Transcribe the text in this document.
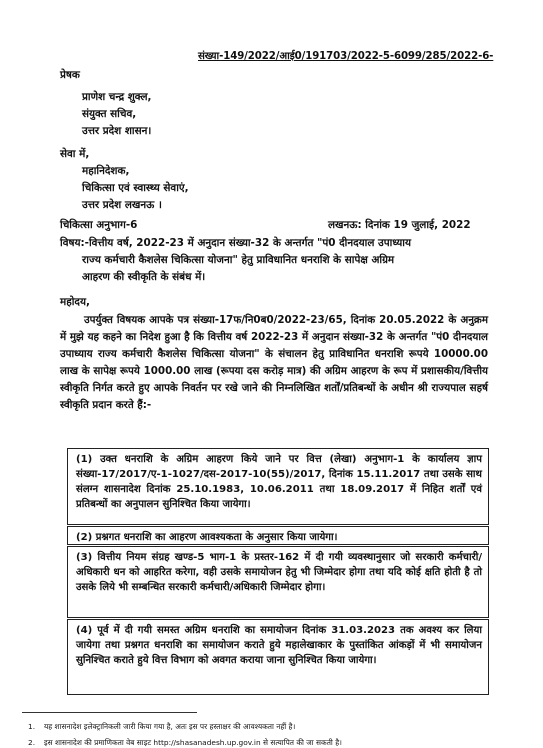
संख्या-149/2022/आई0/191703/2022-5-6099/285/2022-6-
प्रेषक
प्राणेश चन्द्र शुक्ल,
संयुक्त सचिव,
उत्तर प्रदेश शासन।
सेवा में,
महानिदेशक,
चिकित्सा एवं स्वास्थ्य सेवाएं,
उत्तर प्रदेश लखनऊ ।
चिकित्सा अनुभाग-6	लखनऊ: दिनांक 19 जुलाई, 2022
विषय:-वित्तीय वर्ष, 2022-23 में अनुदान संख्या-32 के अन्तर्गत "पं0 दीनदयाल उपाध्याय
राज्य कर्मचारी कैशलेस चिकित्सा योजना" हेतु प्राविधानित धनराशि के सापेक्ष अग्रिम
आहरण की स्वीकृति के संबंध में।
महोदय,
उपर्युक्त विषयक आपके पत्र संख्या-17फ/नि0ब0/2022-23/65, दिनांक 20.05.2022 के अनुक्रम में मुझे यह कहने का निदेश हुआ है कि वित्तीय वर्ष 2022-23 में अनुदान संख्या-32 के अन्तर्गत "पं0 दीनदयाल उपाध्याय राज्य कर्मचारी कैशलेस चिकित्सा योजना" के संचालन हेतु प्राविधानित धनराशि रूपये 10000.00 लाख के सापेक्ष रूपये 1000.00 लाख (रूपया दस करोड़ मात्र) की अग्रिम आहरण के रूप में प्रशासकीय/वित्तीय स्वीकृति निर्गत करते हुए आपके निवर्तन पर रखे जाने की निम्नलिखित शर्तों/प्रतिबन्धों के अधीन श्री राज्यपाल सहर्ष स्वीकृति प्रदान करते हैं:-
(1) उक्त धनराशि के अग्रिम आहरण किये जाने पर वित्त (लेखा) अनुभाग-1 के कार्यालय ज्ञाप संख्या-17/2017/ए-1-1027/दस-2017-10(55)/2017, दिनांक 15.11.2017 तथा उसके साथ संलग्न शासनादेश दिनांक 25.10.1983, 10.06.2011 तथा 18.09.2017 में निहित शर्तों एवं प्रतिबन्धों का अनुपालन सुनिश्चित किया जायेगा।
(2) प्रश्नगत धनराशि का आहरण आवश्यकता के अनुसार किया जायेगा।
(3) वित्तीय नियम संग्रह खण्ड-5 भाग-1 के प्रस्तर-162 में दी गयी व्यवस्थानुसार जो सरकारी कर्मचारी/अधिकारी धन को आहरित करेगा, वही उसके समायोजन हेतु भी जिम्मेदार होगा तथा यदि कोई क्षति होती है तो उसके लिये भी सम्बन्धित सरकारी कर्मचारी/अधिकारी जिम्मेदार होगा।
(4) पूर्व में दी गयी समस्त अग्रिम धनराशि का समायोजन दिनांक 31.03.2023 तक अवश्य कर लिया जायेगा तथा प्रश्नगत धनराशि का समायोजन कराते हुये महालेखाकार के पुस्तांकित आंकड़ों में भी समायोजन सुनिश्चित कराते हुये वित्त विभाग को अवगत कराया जाना सुनिश्चित किया जायेगा।
1. यह शासनादेश इलेक्ट्रानिकली जारी किया गया है, अतः इस पर हस्ताक्षर की आवश्यकता नहीं है।
2. इस शासनादेश की प्रमाणिकता वेब साइट http://shasanadesh.up.gov.in से सत्यापित की जा सकती है।
